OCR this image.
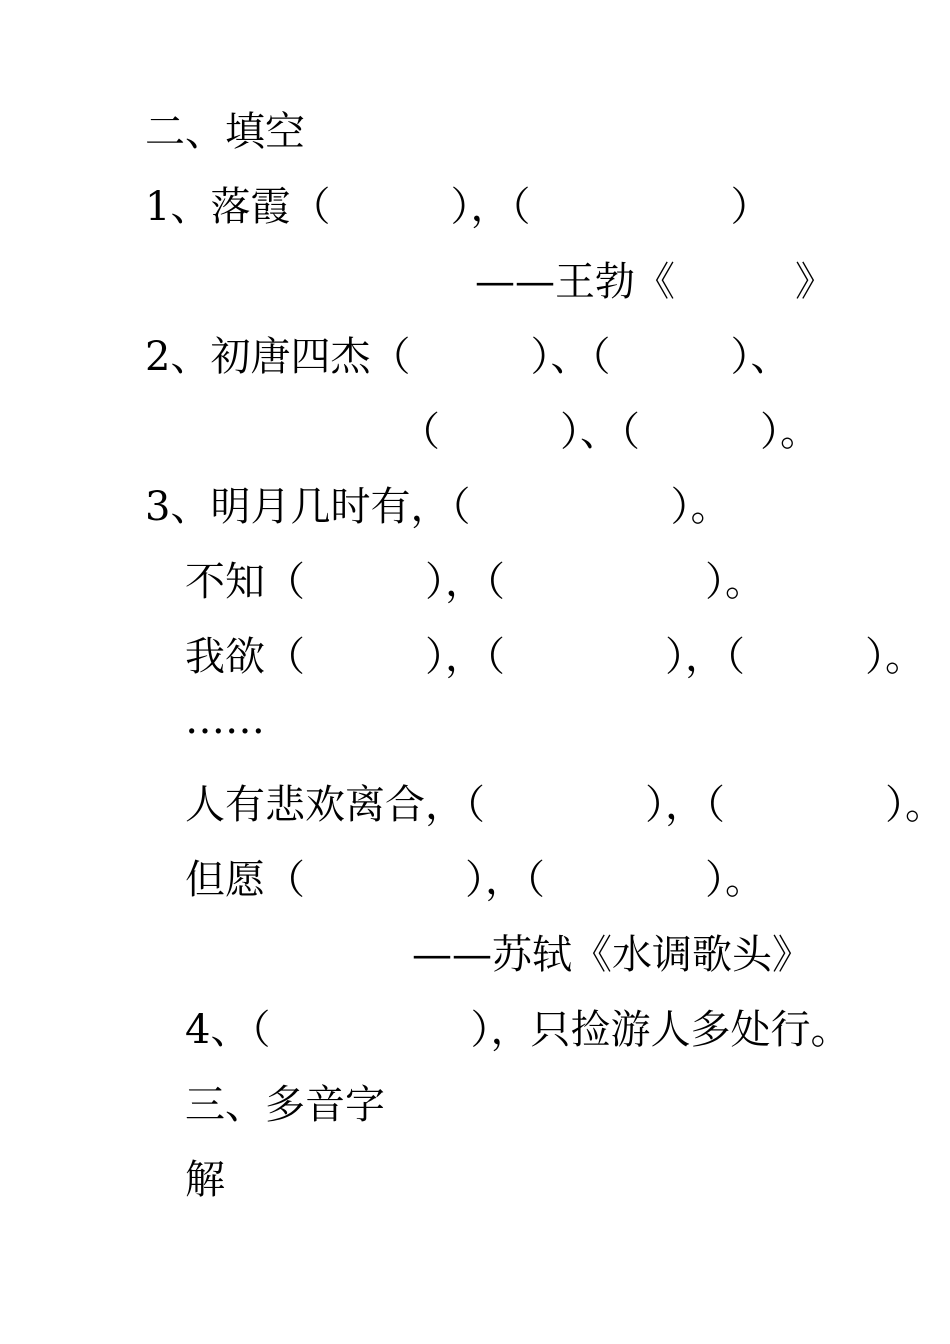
二、填空
1、落霞（　　　），（　　　　　）
——王勃《　　　》
2、初唐四杰（　　　）、（　　　）、
（　　　）、（　　　）。
3、明月几时有，（　　　　　）。
不知（　　　），（　　　　　）。
我欲（　　　），（　　　　），（　　　）。
……
人有悲欢离合，（　　　　），（　　　　）。
但愿（　　　　），（　　　　）。
——苏轼《水调歌头》
4、（　　　　　），只捡游人多处行。
三、多音字
解
